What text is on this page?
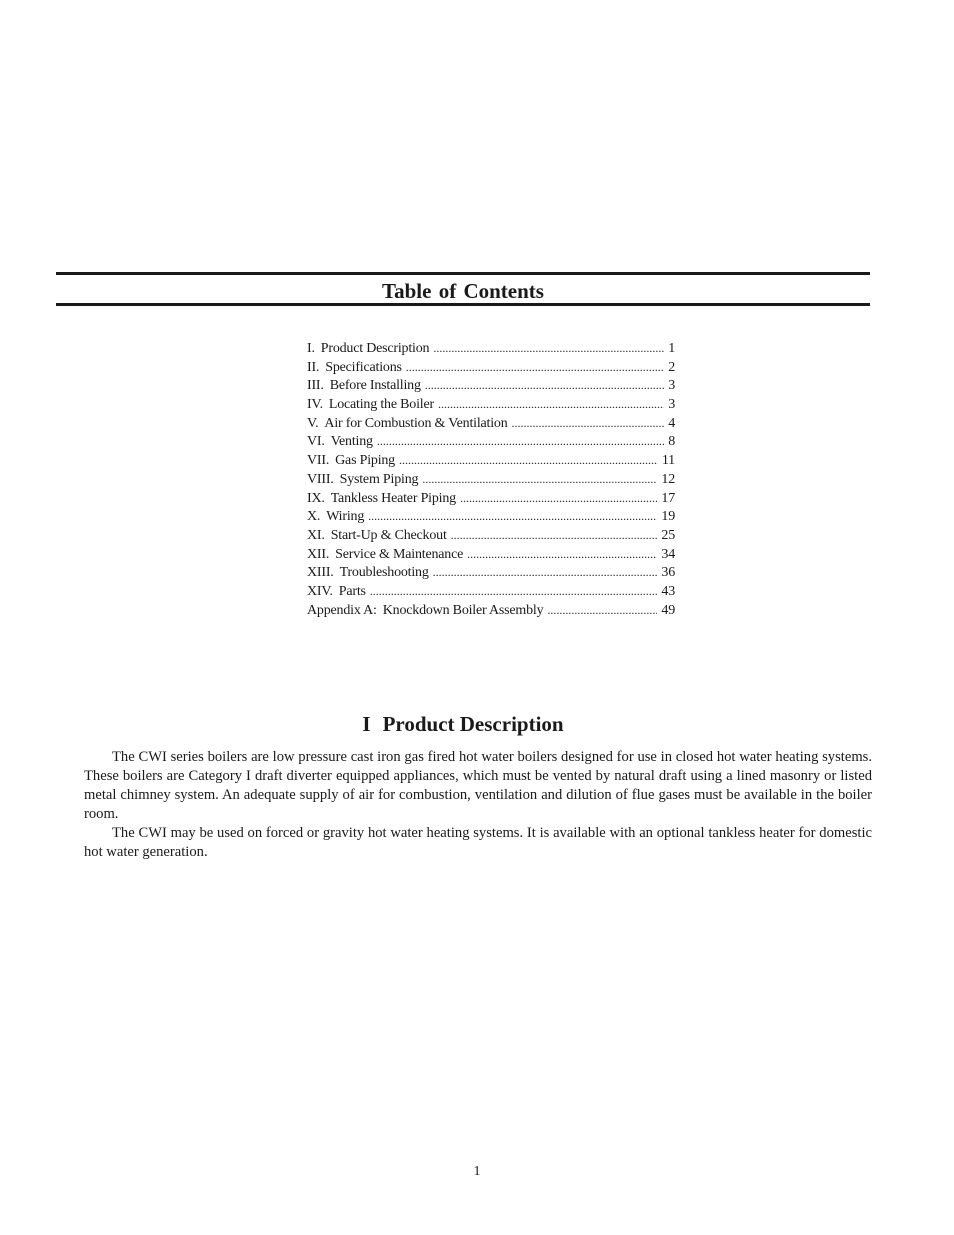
Table of Contents
I. Product Description .....	1
II. Specifications .....	2
III. Before Installing .....	3
IV. Locating the Boiler .....	3
V. Air for Combustion & Ventilation .....	4
VI. Venting .....	8
VII. Gas Piping .....	11
VIII. System Piping .....	12
IX. Tankless Heater Piping .....	17
X. Wiring .....	19
XI. Start-Up & Checkout .....	25
XII. Service & Maintenance .....	34
XIII. Troubleshooting .....	36
XIV. Parts .....	43
Appendix A: Knockdown Boiler Assembly .....	49
I Product Description

The CWI series boilers are low pressure cast iron gas fired hot water boilers designed for use in closed hot water heating systems. These boilers are Category I draft diverter equipped appliances, which must be vented by natural draft using a lined masonry or listed metal chimney system. An adequate supply of air for combustion, ventilation and dilution of flue gases must be available in the boiler room.

The CWI may be used on forced or gravity hot water heating systems. It is available with an optional tankless heater for domestic hot water generation.

1
